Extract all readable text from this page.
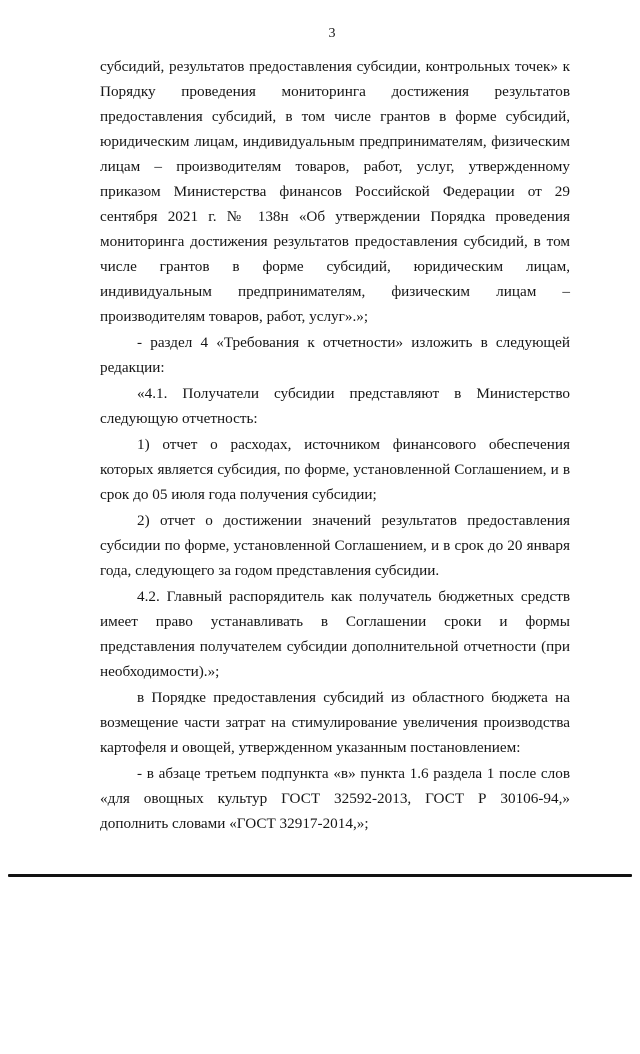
3

субсидий, результатов предоставления субсидии, контрольных точек» к Порядку проведения мониторинга достижения результатов предоставления субсидий, в том числе грантов в форме субсидий, юридическим лицам, индивидуальным предпринимателям, физическим лицам – производителям товаров, работ, услуг, утвержденному приказом Министерства финансов Российской Федерации от 29 сентября 2021 г. № 138н «Об утверждении Порядка проведения мониторинга достижения результатов предоставления субсидий, в том числе грантов в форме субсидий, юридическим лицам, индивидуальным предпринимателям, физическим лицам – производителям товаров, работ, услуг».»;

- раздел 4 «Требования к отчетности» изложить в следующей редакции:

«4.1. Получатели субсидии представляют в Министерство следующую отчетность:

1) отчет о расходах, источником финансового обеспечения которых является субсидия, по форме, установленной Соглашением, и в срок до 05 июля года получения субсидии;

2) отчет о достижении значений результатов предоставления субсидии по форме, установленной Соглашением, и в срок до 20 января года, следующего за годом представления субсидии.

4.2. Главный распорядитель как получатель бюджетных средств имеет право устанавливать в Соглашении сроки и формы представления получателем субсидии дополнительной отчетности (при необходимости).»;

в Порядке предоставления субсидий из областного бюджета на возмещение части затрат на стимулирование увеличения производства картофеля и овощей, утвержденном указанным постановлением:

- в абзаце третьем подпункта «в» пункта 1.6 раздела 1 после слов «для овощных культур ГОСТ 32592-2013, ГОСТ Р 30106-94,» дополнить словами «ГОСТ 32917-2014,»;
